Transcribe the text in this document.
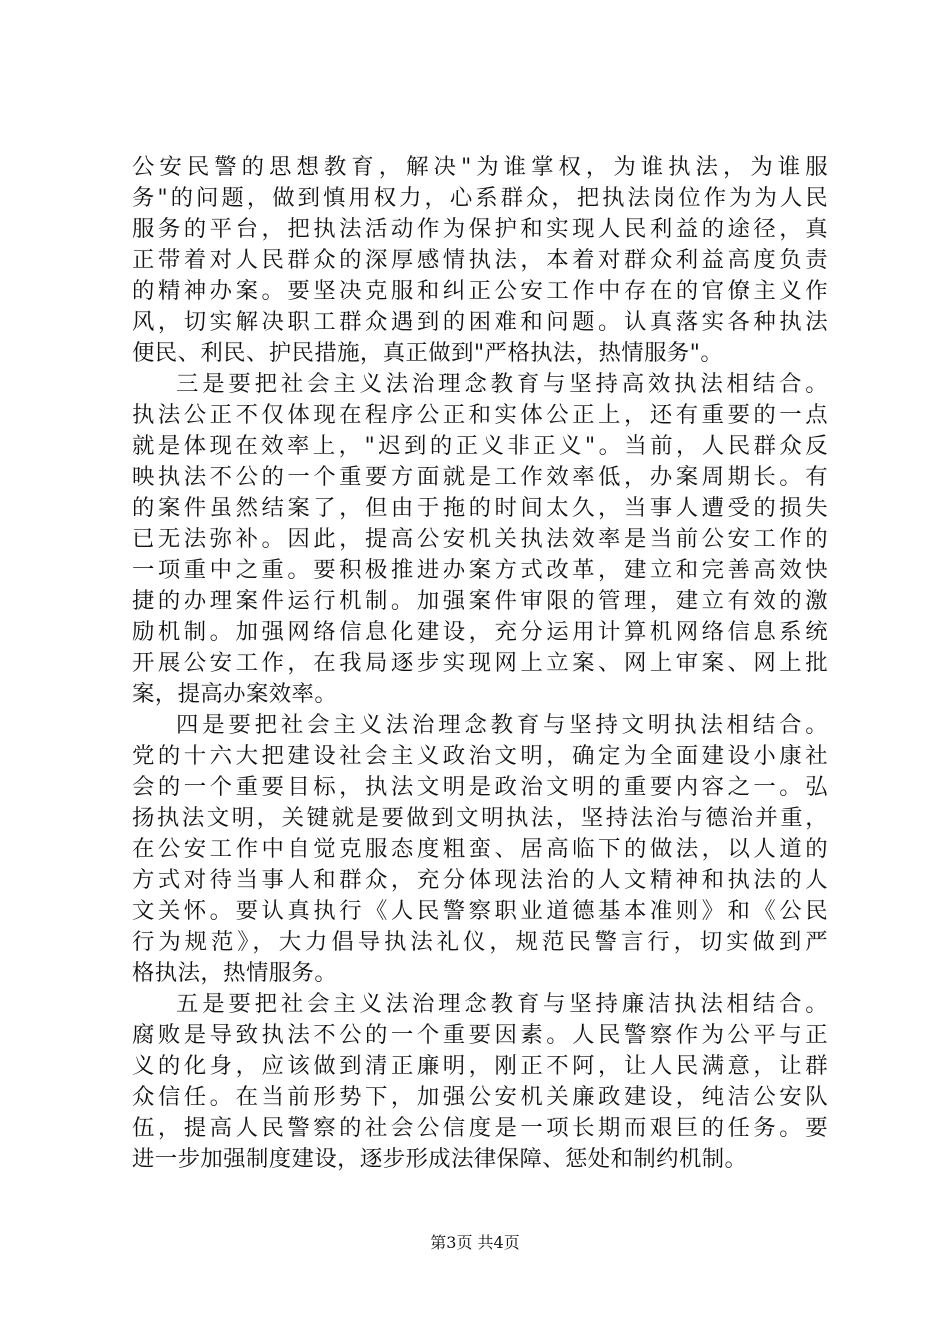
公安民警的思想教育，解决"为谁掌权，为谁执法，为谁服
务"的问题，做到慎用权力，心系群众，把执法岗位作为为人民
服务的平台，把执法活动作为保护和实现人民利益的途径，真
正带着对人民群众的深厚感情执法，本着对群众利益高度负责
的精神办案。要坚决克服和纠正公安工作中存在的官僚主义作
风，切实解决职工群众遇到的困难和问题。认真落实各种执法
便民、利民、护民措施，真正做到"严格执法，热情服务"。
三是要把社会主义法治理念教育与坚持高效执法相结合。
执法公正不仅体现在程序公正和实体公正上，还有重要的一点
就是体现在效率上，"迟到的正义非正义"。当前，人民群众反
映执法不公的一个重要方面就是工作效率低，办案周期长。有
的案件虽然结案了，但由于拖的时间太久，当事人遭受的损失
已无法弥补。因此，提高公安机关执法效率是当前公安工作的
一项重中之重。要积极推进办案方式改革，建立和完善高效快
捷的办理案件运行机制。加强案件审限的管理，建立有效的激
励机制。加强网络信息化建设，充分运用计算机网络信息系统
开展公安工作，在我局逐步实现网上立案、网上审案、网上批
案，提高办案效率。
四是要把社会主义法治理念教育与坚持文明执法相结合。
党的十六大把建设社会主义政治文明，确定为全面建设小康社
会的一个重要目标，执法文明是政治文明的重要内容之一。弘
扬执法文明，关键就是要做到文明执法，坚持法治与德治并重，
在公安工作中自觉克服态度粗蛮、居高临下的做法，以人道的
方式对待当事人和群众，充分体现法治的人文精神和执法的人
文关怀。要认真执行《人民警察职业道德基本准则》和《公民
行为规范》，大力倡导执法礼仪，规范民警言行，切实做到严
格执法，热情服务。
五是要把社会主义法治理念教育与坚持廉洁执法相结合。
腐败是导致执法不公的一个重要因素。人民警察作为公平与正
义的化身，应该做到清正廉明，刚正不阿，让人民满意，让群
众信任。在当前形势下，加强公安机关廉政建设，纯洁公安队
伍，提高人民警察的社会公信度是一项长期而艰巨的任务。要
进一步加强制度建设，逐步形成法律保障、惩处和制约机制。
第3页 共4页
